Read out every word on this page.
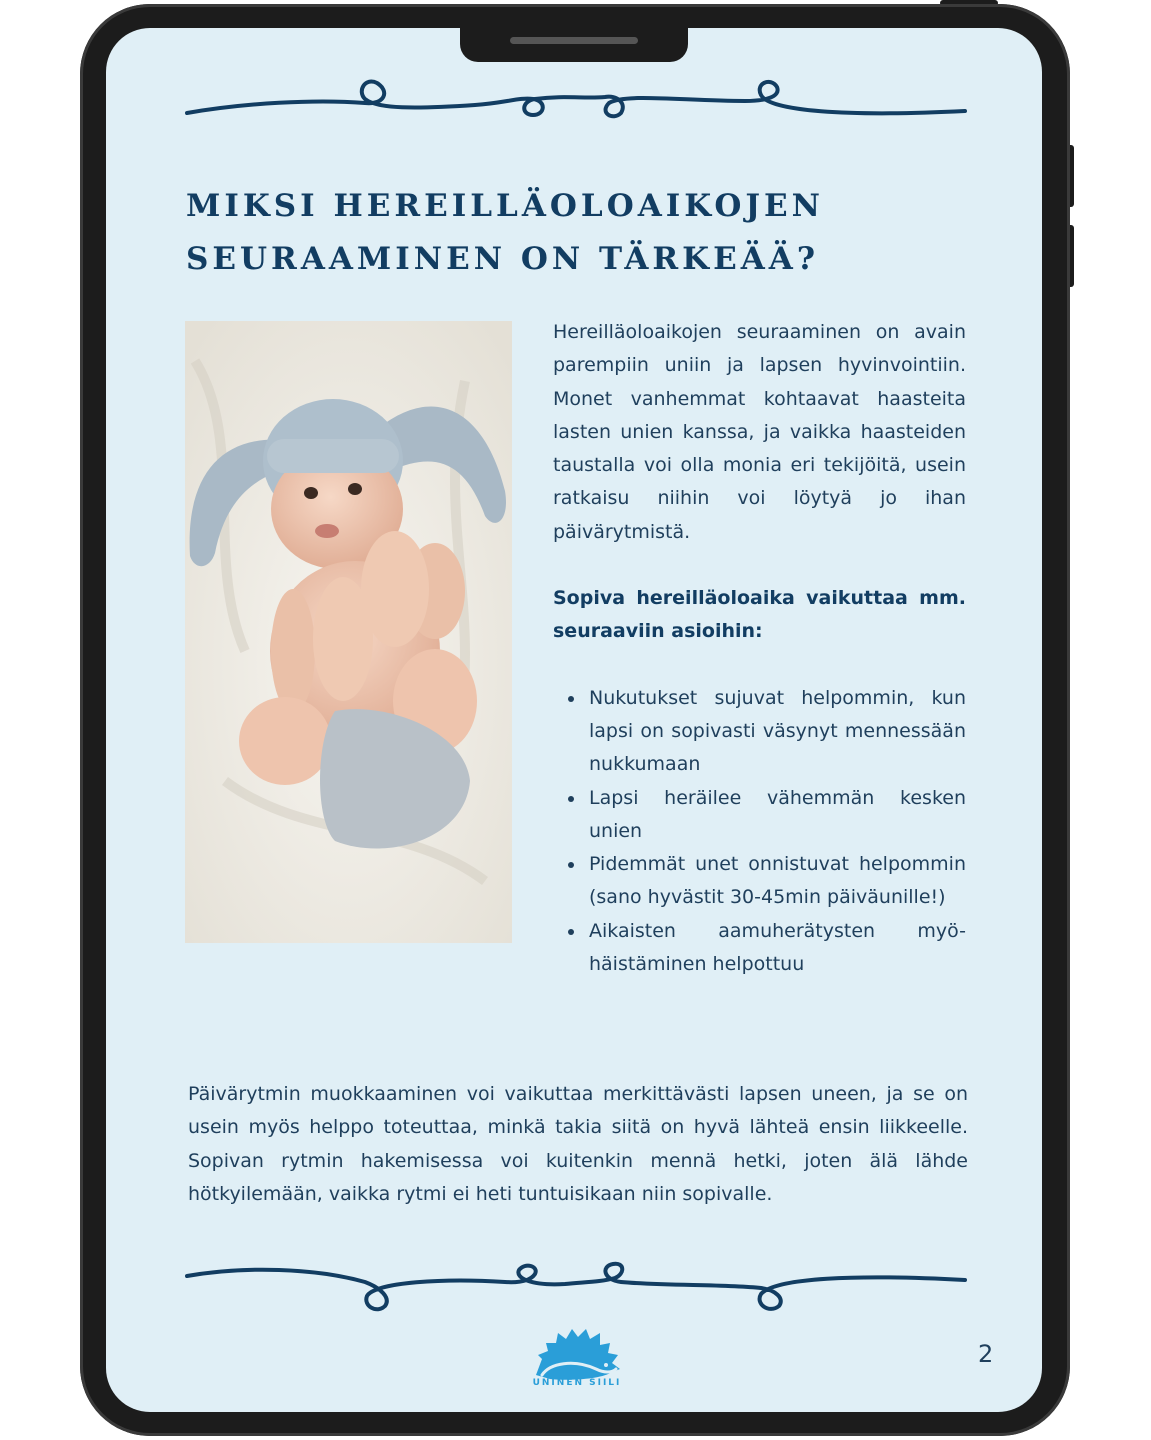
MIKSI HEREILLÄOLOAIKOJEN
SEURAAMINEN ON TÄRKEÄÄ?

Hereilläoloaikojen seuraaminen on avain parempiin uniin ja lapsen hyvinvointiin. Monet vanhemmat kohtaavat haasteita lasten unien kanssa, ja vaikka haasteiden taustalla voi olla monia eri tekijöitä, usein ratkaisu niihin voi löytyä jo ihan päivärytmistä.

Sopiva hereilläoloaika vaikuttaa mm. seuraaviin asioihin:

Nukutukset sujuvat helpommin, kun lapsi on sopivasti väsynyt mennessään nukkumaan
Lapsi heräilee vähemmän kesken unien
Pidemmät unet onnistuvat helpommin (sano hyvästit 30-45min päiväunille!)
Aikaisten aamuherätysten myö-häistäminen helpottuu

Päivärytmin muokkaaminen voi vaikuttaa merkittävästi lapsen uneen, ja se on usein myös helppo toteuttaa, minkä takia siitä on hyvä lähteä ensin liikkeelle. Sopivan rytmin hakemisessa voi kuitenkin mennä hetki, joten älä lähde hötkyilemään, vaikka rytmi ei heti tuntuisikaan niin sopivalle.

UNINEN SIILI
2
